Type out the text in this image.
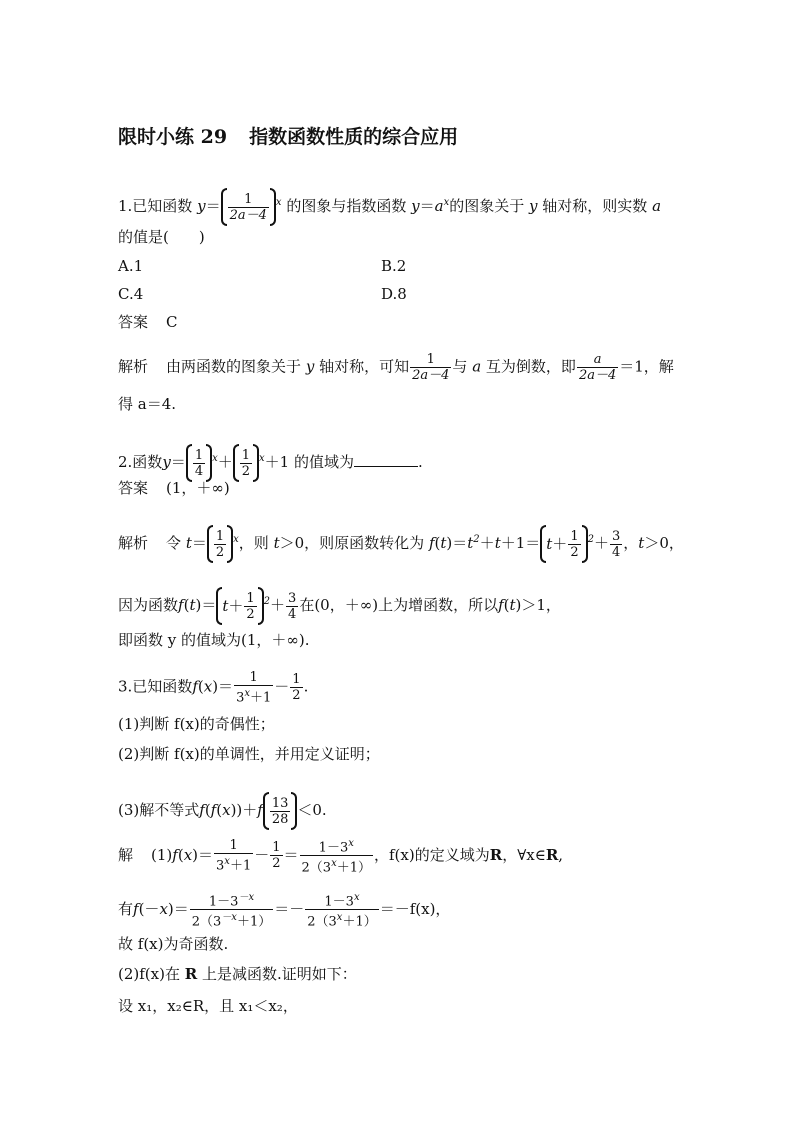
限时小练 29 指数函数性质的综合应用
1.已知函数 $y= \frac{1}{2a-4} ^x$ 的图象与指数函数 $y=a^x$的图象关于 y 轴对称，则实数 a
的值是(　　)
A.1	B.2
C.4	D.8
答案 C
解析 由两函数的图象关于 y 轴对称，可知 $\frac{1}{2a-4}$ 与 a 互为倒数，即 $\frac{a}{2a-4} =1$，解
得 a＝4.
2.函数$y= \frac{1}{4} ^x+ \frac{1}{2} ^x+1$ 的值域为	.
答案 (1，＋∞)
解析 令 $t= \frac{1}{2} ^x$，则 t＞0，则原函数转化为 $f(t)=t^2+t+1= t + \frac{1}{2} ^2+ \frac{3}{4}$ ，t＞0，
因为函数$f(t)= t + \frac{1}{2} ^2+ \frac{3}{4}$ 在(0，＋∞)上为增函数，所以f(t)＞1，
即函数 y 的值域为(1，＋∞).
3.已知函数$f(x)= \frac{1}{3^x+1} - \frac{1}{2}$ .
(1)判断 f(x)的奇偶性；
(2)判断 f(x)的单调性，并用定义证明；
(3)解不等式$f(f(x))+f \frac{13}{28} <0$.
解 $(1)f(x)= \frac{1}{3^x+1} - \frac{1}{2} = \frac{1-3^x}{2(3^x+1)}$ ，f(x)的定义域为R，∀x∈R,
有$f(-x)= \frac{1-3^{-x}}{2(3^{-x}+1)} =- \frac{1-3^x}{2(3^x+1)} =-f(x)$，
故 f(x)为奇函数.
(2)f(x)在 R 上是减函数.证明如下：
设 x₁，x₂∈R，且 x₁＜x₂，
